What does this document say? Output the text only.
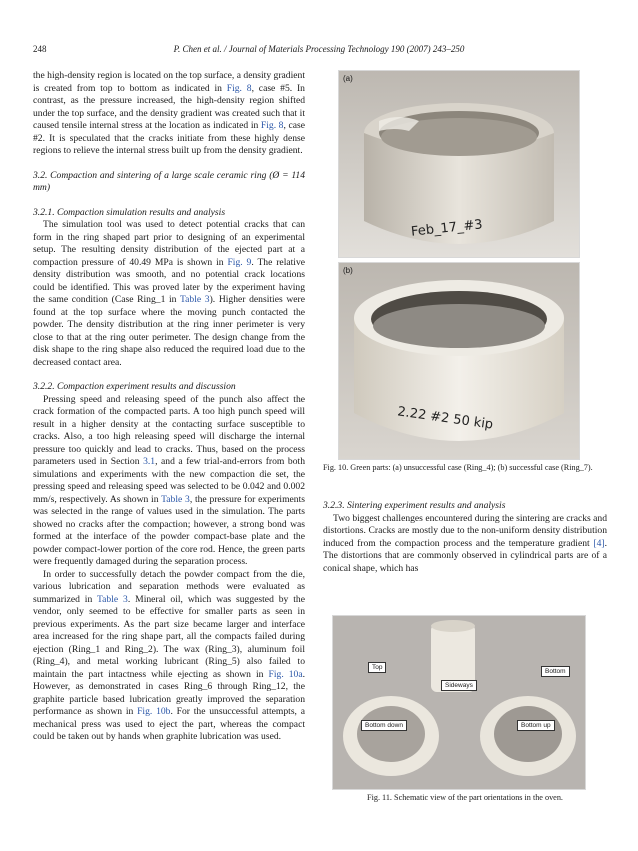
248	P. Chen et al. / Journal of Materials Processing Technology 190 (2007) 243–250

the high-density region is located on the top surface, a density gradient is created from top to bottom as indicated in Fig. 8, case #5. In contrast, as the pressure increased, the high-density region shifted under the top surface, and the density gradient was created such that it caused tensile internal stress at the location as indicated in Fig. 8, case #2. It is speculated that the cracks initiate from these highly dense regions to relieve the internal stress built up from the density gradient.

3.2. Compaction and sintering of a large scale ceramic ring (Ø = 114 mm)

3.2.1. Compaction simulation results and analysis

The simulation tool was used to detect potential cracks that can form in the ring shaped part prior to designing of an experimental setup. The resulting density distribution of the ejected part at a compaction pressure of 40.49 MPa is shown in Fig. 9. The relative density distribution was smooth, and no potential crack locations could be identified. This was proved later by the experiment having the same condition (Case Ring_1 in Table 3). Higher densities were found at the top surface where the moving punch contacted the powder. The density distribution at the ring inner perimeter is very close to that at the ring outer perimeter. The design change from the disk shape to the ring shape also reduced the required load due to the decreased contact area.

3.2.2. Compaction experiment results and discussion

Pressing speed and releasing speed of the punch also affect the crack formation of the compacted parts. A too high punch speed will result in a higher density at the contacting surface susceptible to cracks. Also, a too high releasing speed will discharge the internal pressure too quickly and lead to cracks. Thus, based on the process parameters used in Section 3.1, and a few trial-and-errors from both simulations and experiments with the new compaction die set, the pressing speed and releasing speed was selected to be 0.042 and 0.002 mm/s, respectively. As shown in Table 3, the pressure for experiments was selected in the range of values used in the simulation. The parts showed no cracks after the compaction; however, a strong bond was formed at the interface of the powder compact-base plate and the powder compact-lower portion of the core rod. Hence, the green parts were frequently damaged during the separation process.

In order to successfully detach the powder compact from the die, various lubrication and separation methods were evaluated as summarized in Table 3. Mineral oil, which was suggested by the vendor, only seemed to be effective for smaller parts as seen in previous experiments. As the part size became larger and interface area increased for the ring shape part, all the compacts failed during ejection (Ring_1 and Ring_2). The wax (Ring_3), aluminum foil (Ring_4), and metal working lubricant (Ring_5) also failed to maintain the part intactness while ejecting as shown in Fig. 10a. However, as demonstrated in cases Ring_6 through Ring_12, the graphite particle based lubrication greatly improved the separation performance as shown in Fig. 10b. For the unsuccessful attempts, a mechanical press was used to eject the part, whereas the compact could be taken out by hands when graphite lubrication was used.

(a)
Feb_17_#3
(b)
2.22 #2 50 kip
Fig. 10. Green parts: (a) unsuccessful case (Ring_4); (b) successful case (Ring_7).

3.2.3. Sintering experiment results and analysis

Two biggest challenges encountered during the sintering are cracks and distortions. Cracks are mostly due to the non-uniform density distribution induced from the compaction process and the temperature gradient [4]. The distortions that are commonly observed in cylindrical parts are of a conical shape, which has

Top
Bottom
Sideways
Bottom down	Bottom up
Fig. 11. Schematic view of the part orientations in the oven.
